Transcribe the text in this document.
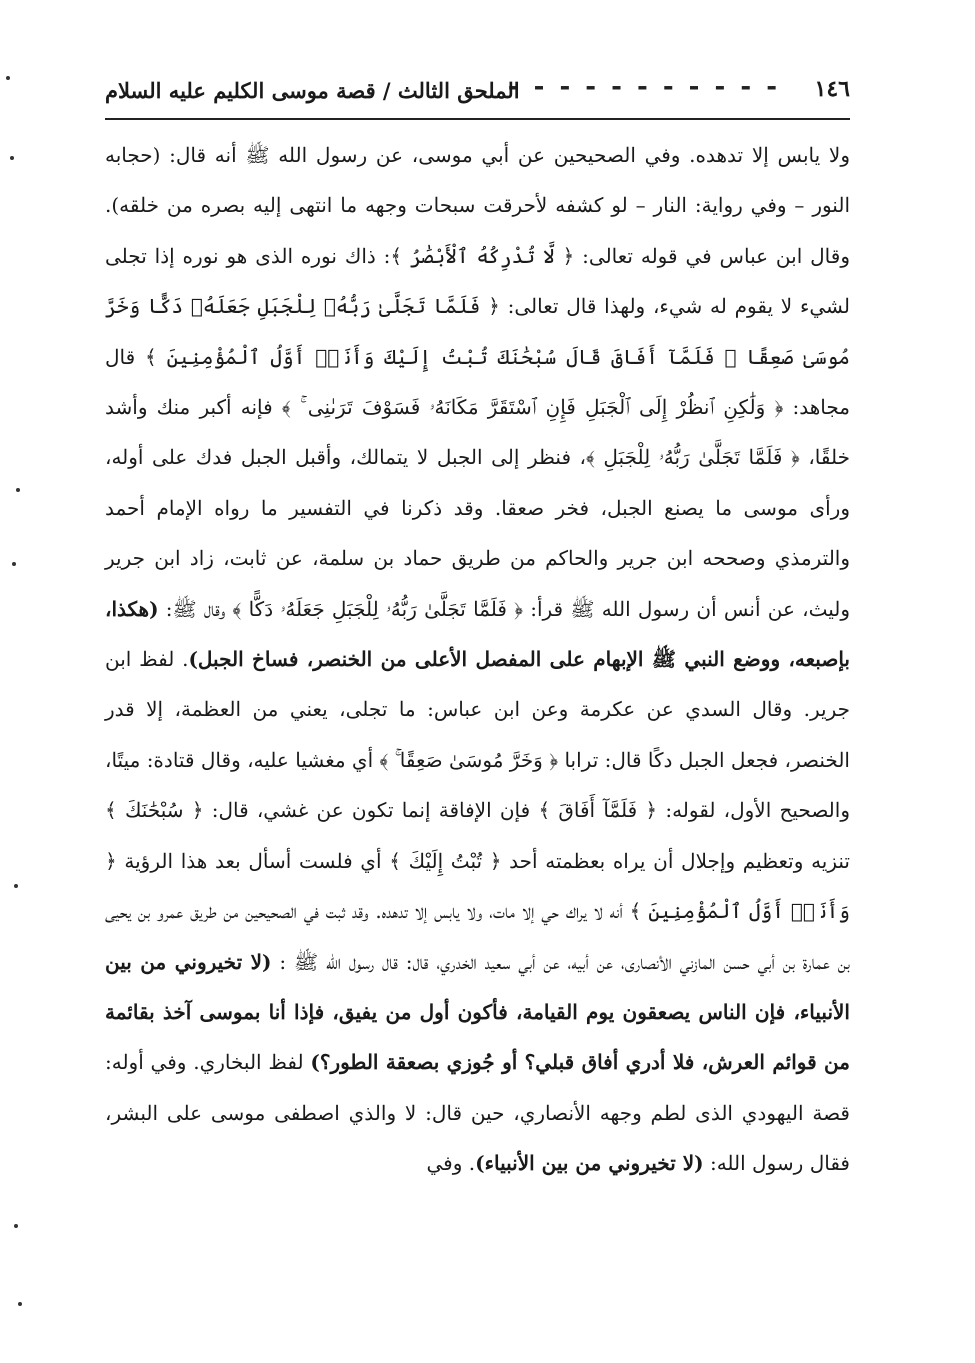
١٤٦
- - - - - - - - - - -
الملحق الثالث / قصة موسى الكليم عليه السلام

ولا يابس إلا تدهده. وفي الصحيحين عن أبي موسى، عن رسول الله ﷺ أنه قال: (حجابه النور – وفي رواية: النار – لو كشفه لأحرقت سبحات وجهه ما انتهى إليه بصره من خلقه). وقال ابن عباس في قوله تعالى: ﴿ لَّا تُدْرِكُهُ ٱلْأَبْصَٰرُ ﴾: ذاك نوره الذى هو نوره إذا تجلى لشيء لا يقوم له شيء، ولهذا قال تعالى: ﴿ فَلَمَّا تَجَلَّىٰ رَبُّهُۥ لِلْجَبَلِ جَعَلَهُۥ دَكًّا وَخَرَّ مُوسَىٰ صَعِقًا ۚ فَلَمَّآ أَفَاقَ قَالَ سُبْحَٰنَكَ تُبْتُ إِلَيْكَ وَأَنَا۠ أَوَّلُ ٱلْمُؤْمِنِينَ ﴾ قال مجاهد: ﴿ وَلَٰكِنِ ٱنظُرْ إِلَى ٱلْجَبَلِ فَإِنِ ٱسْتَقَرَّ مَكَانَهُۥ فَسَوْفَ تَرَىٰنِى ۚ ﴾ فإنه أكبر منك وأشد خلقًا، ﴿ فَلَمَّا تَجَلَّىٰ رَبُّهُۥ لِلْجَبَلِ ﴾، فنظر إلى الجبل لا يتمالك، وأقبل الجبل فدك على أوله، ورأى موسى ما يصنع الجبل، فخر صعقا. وقد ذكرنا في التفسير ما رواه الإمام أحمد والترمذي وصححه ابن جرير والحاكم من طريق حماد بن سلمة، عن ثابت، زاد ابن جرير وليث، عن أنس أن رسول الله ﷺ قرأ: ﴿ فَلَمَّا تَجَلَّىٰ رَبُّهُۥ لِلْجَبَلِ جَعَلَهُۥ دَكًّا ﴾ وقال ﷺ: (هكذا، بإصبعه، ووضع النبي ﷺ الإبهام على المفصل الأعلى من الخنصر، فساخ الجبل). لفظ ابن جرير. وقال السدي عن عكرمة وعن ابن عباس: ما تجلى، يعني من العظمة، إلا قدر الخنصر، فجعل الجبل دكًا قال: ترابا ﴿ وَخَرَّ مُوسَىٰ صَعِقًا ۚ ﴾ أي مغشيا عليه، وقال قتادة: ميتًا، والصحيح الأول، لقوله: ﴿ فَلَمَّآ أَفَاقَ ﴾ فإن الإفاقة إنما تكون عن غشي، قال: ﴿ سُبْحَٰنَكَ ﴾ تنزيه وتعظيم وإجلال أن يراه بعظمته أحد ﴿ تُبْتُ إِلَيْكَ ﴾ أي فلست أسأل بعد هذا الرؤية ﴿ وَأَنَا۠ أَوَّلُ ٱلْمُؤْمِنِينَ ﴾ أنه لا يراك حي إلا مات، ولا يابس إلا تدهده. وقد ثبت في الصحيحين من طريق عمرو بن يحيى بن عمارة بن أبي حسن المازني الأنصارى، عن أبيه، عن أبي سعيد الخدري، قال: قال رسول الله ﷺ : (لا تخيروني من بين الأنبياء، فإن الناس يصعقون يوم القيامة، فأكون أول من يفيق، فإذا أنا بموسى آخذ بقائمة من قوائم العرش، فلا أدري أفاق قبلي؟ أو جُوزي بصعقة الطور؟) لفظ البخاري. وفي أوله: قصة اليهودي الذى لطم وجهه الأنصاري، حين قال: لا والذي اصطفى موسى على البشر، فقال رسول الله: (لا تخيروني من بين الأنبياء). وفي
